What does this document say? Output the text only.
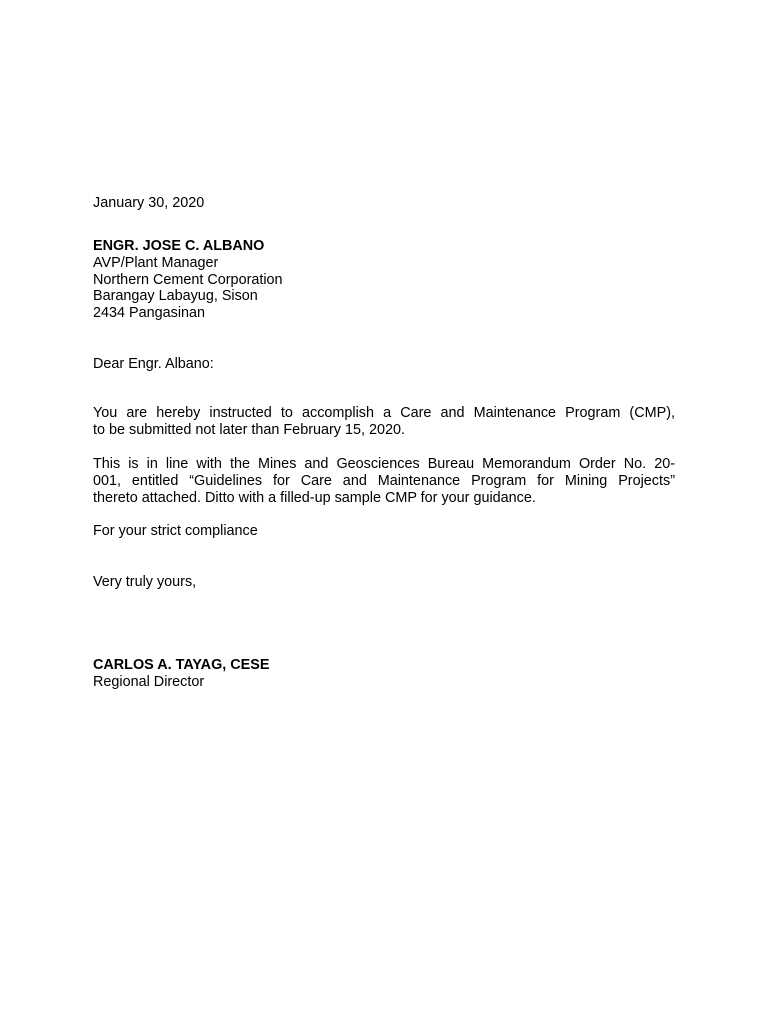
January 30, 2020
ENGR. JOSE C. ALBANO
AVP/Plant Manager
Northern Cement Corporation
Barangay Labayug, Sison
2434 Pangasinan
Dear Engr. Albano:
You are hereby instructed to accomplish a Care and Maintenance Program (CMP),
to be submitted not later than February 15, 2020.
This is in line with the Mines and Geosciences Bureau Memorandum Order No. 20-
001, entitled “Guidelines for Care and Maintenance Program for Mining Projects”
thereto attached. Ditto with a filled-up sample CMP for your guidance.
For your strict compliance
Very truly yours,
CARLOS A. TAYAG, CESE
Regional Director
